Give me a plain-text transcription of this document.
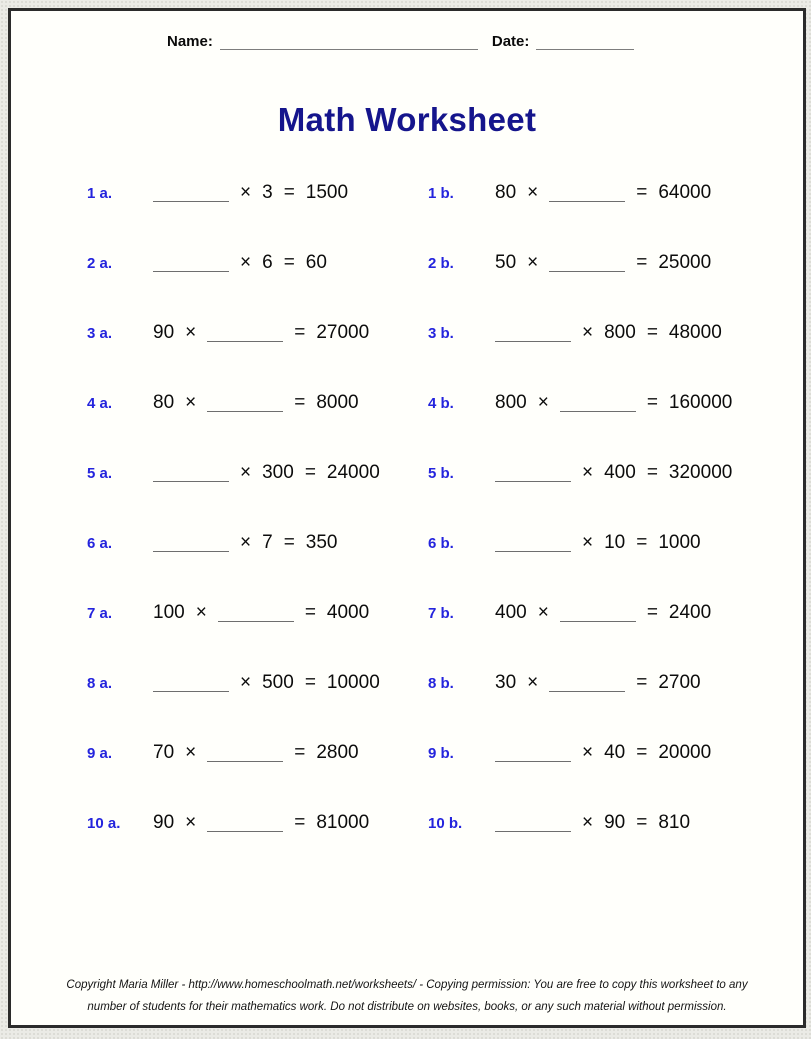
Name:	Date:
Math Worksheet
1 a.	× 3 = 1500	1 b.	80 ×	= 64000
2 a.	× 6 = 60	2 b.	50 ×	= 25000
3 a.	90 ×	= 27000	3 b.	× 800 = 48000
4 a.	80 ×	= 8000	4 b.	800 ×	= 160000
5 a.	× 300 = 24000	5 b.	× 400 = 320000
6 a.	× 7 = 350	6 b.	× 10 = 1000
7 a.	100 ×	= 4000	7 b.	400 ×	= 2400
8 a.	× 500 = 10000	8 b.	30 ×	= 2700
9 a.	70 ×	= 2800	9 b.	× 40 = 20000
10 a.	90 ×	= 81000	10 b.	× 90 = 810
Copyright Maria Miller - http://www.homeschoolmath.net/worksheets/ - Copying permission: You are free to copy this worksheet to any
number of students for their mathematics work. Do not distribute on websites, books, or any such material without permission.
